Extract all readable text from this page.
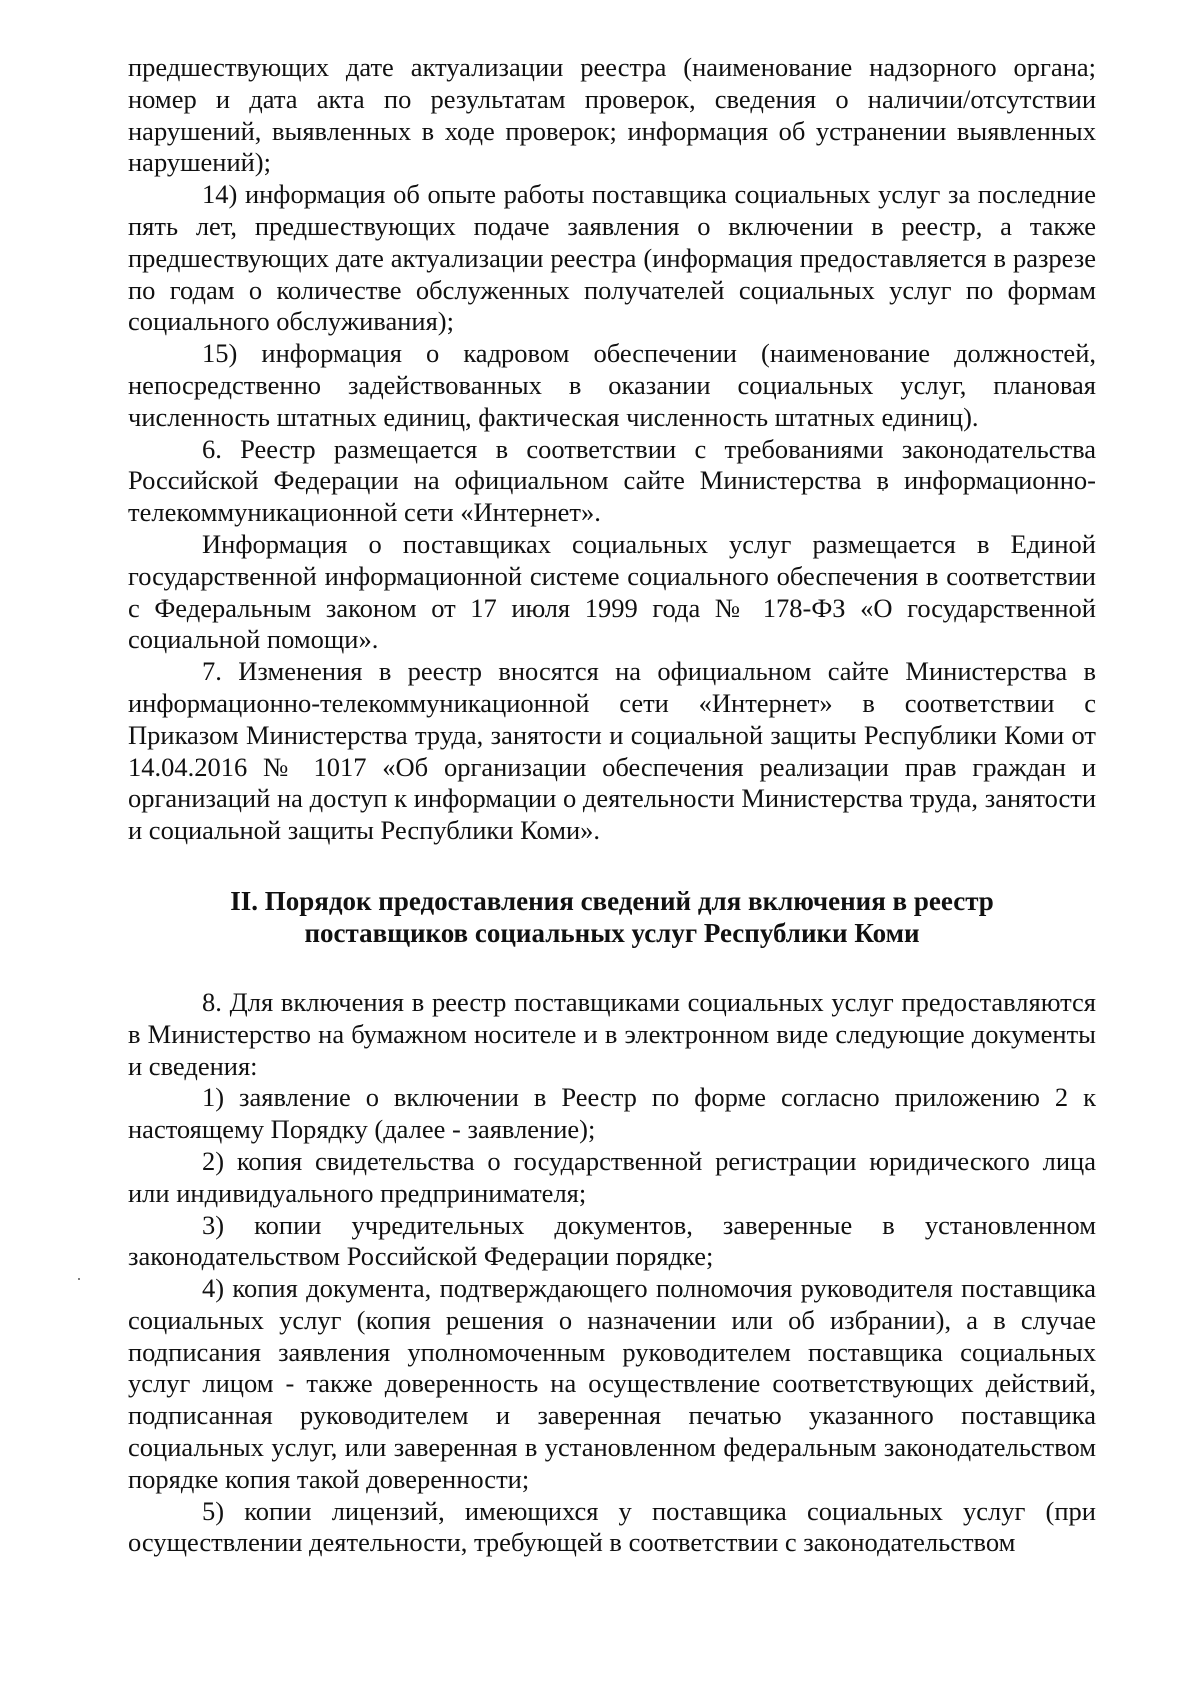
предшествующих дате актуализации реестра (наименование надзорного органа; номер и дата акта по результатам проверок, сведения о наличии/отсутствии нарушений, выявленных в ходе проверок; информация об устранении выявленных нарушений);

14) информация об опыте работы поставщика социальных услуг за последние пять лет, предшествующих подаче заявления о включении в реестр, а также предшествующих дате актуализации реестра (информация предоставляется в разрезе по годам о количестве обслуженных получателей социальных услуг по формам социального обслуживания);

15) информация о кадровом обеспечении (наименование должностей, непосредственно задействованных в оказании социальных услуг, плановая численность штатных единиц, фактическая численность штатных единиц).

6. Реестр размещается в соответствии с требованиями законодательства Российской Федерации на официальном сайте Министерства в информационно-телекоммуникационной сети «Интернет».

Информация о поставщиках социальных услуг размещается в Единой государственной информационной системе социального обеспечения в соответствии с Федеральным законом от 17 июля 1999 года № 178-ФЗ «О государственной социальной помощи».

7. Изменения в реестр вносятся на официальном сайте Министерства в информационно-телекоммуникационной сети «Интернет» в соответствии с Приказом Министерства труда, занятости и социальной защиты Республики Коми от 14.04.2016 № 1017 «Об организации обеспечения реализации прав граждан и организаций на доступ к информации о деятельности Министерства труда, занятости и социальной защиты Республики Коми».

II. Порядок предоставления сведений для включения в реестр
поставщиков социальных услуг Республики Коми

8. Для включения в реестр поставщиками социальных услуг предоставляются в Министерство на бумажном носителе и в электронном виде следующие документы и сведения:

1) заявление о включении в Реестр по форме согласно приложению 2 к настоящему Порядку (далее - заявление);

2) копия свидетельства о государственной регистрации юридического лица или индивидуального предпринимателя;

3) копии учредительных документов, заверенные в установленном законодательством Российской Федерации порядке;

4) копия документа, подтверждающего полномочия руководителя поставщика социальных услуг (копия решения о назначении или об избрании), а в случае подписания заявления уполномоченным руководителем поставщика социальных услуг лицом - также доверенность на осуществление соответствующих действий, подписанная руководителем и заверенная печатью указанного поставщика социальных услуг, или заверенная в установленном федеральным законодательством порядке копия такой доверенности;

5) копии лицензий, имеющихся у поставщика социальных услуг (при осуществлении деятельности, требующей в соответствии с законодательством
